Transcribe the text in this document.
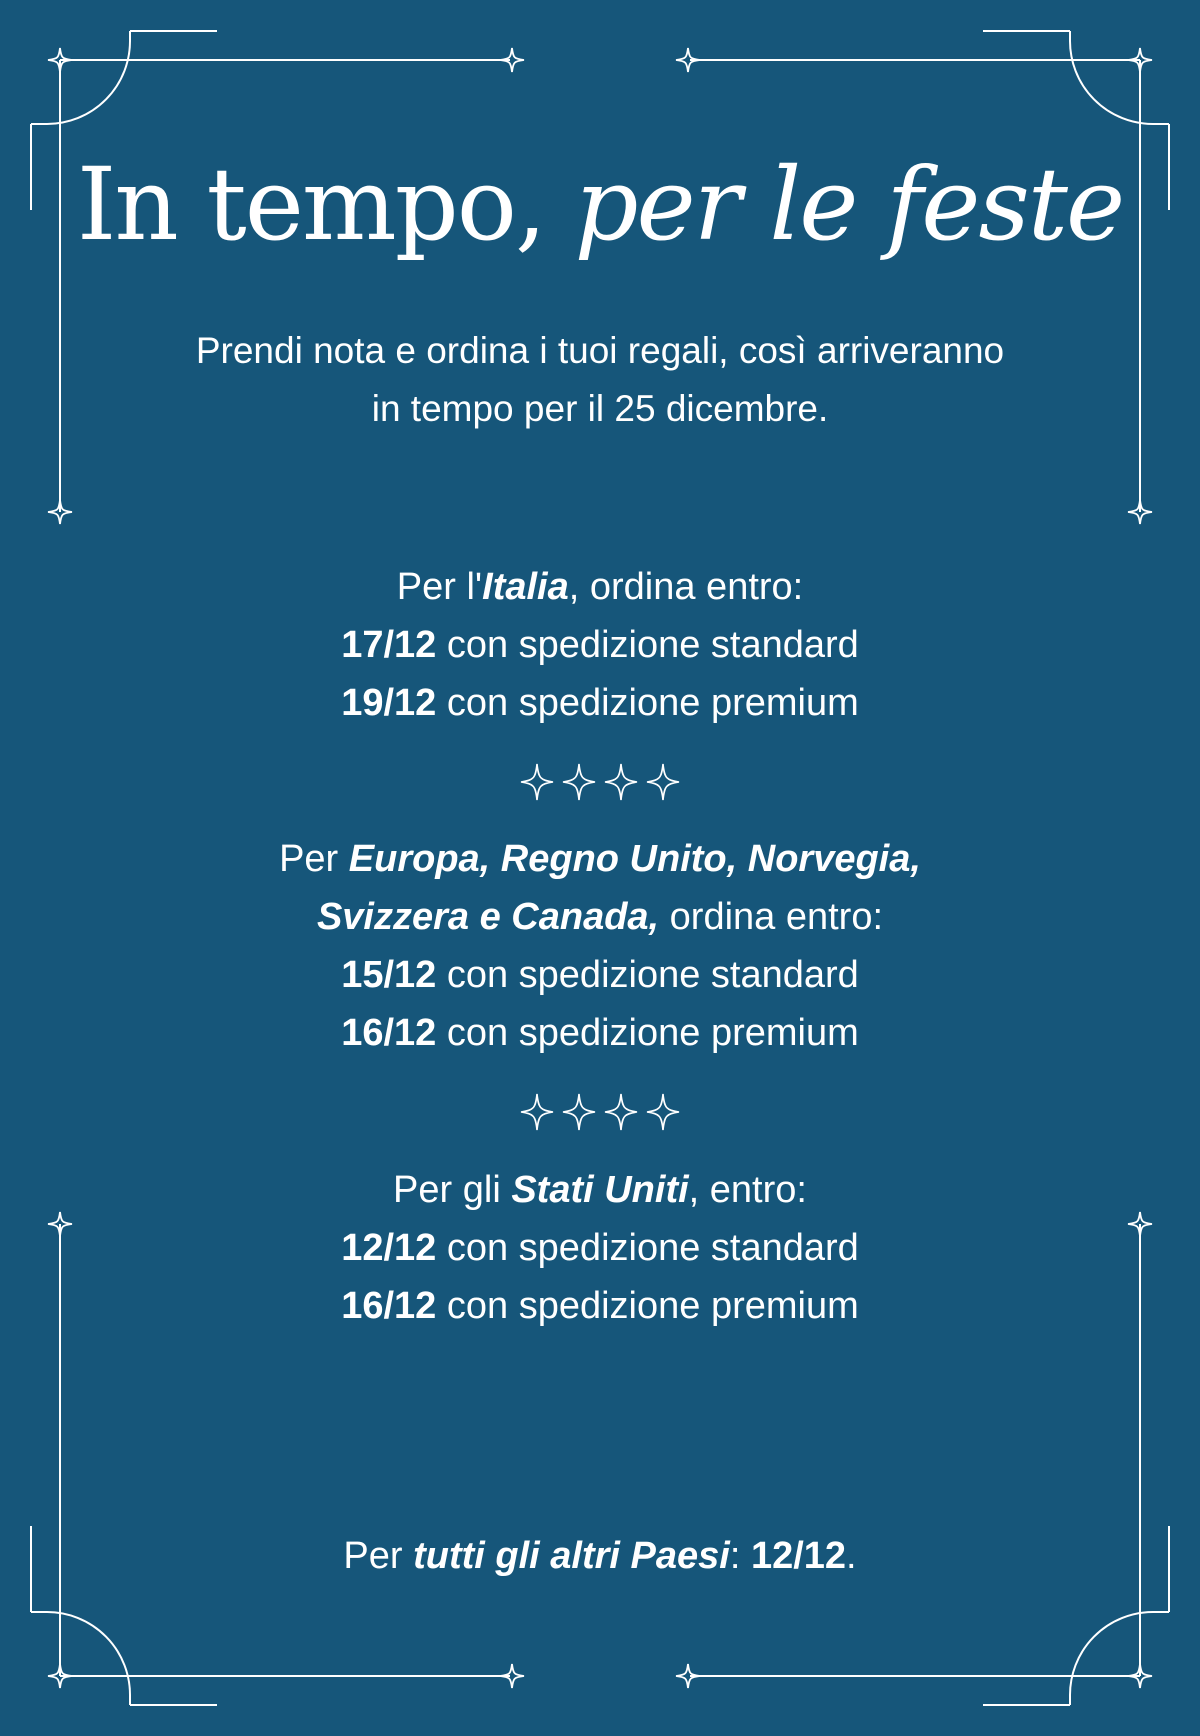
In tempo, per le feste

Prendi nota e ordina i tuoi regali, così arriveranno
in tempo per il 25 dicembre.

Per l'Italia, ordina entro:
17/12 con spedizione standard
19/12 con spedizione premium
Per Europa, Regno Unito, Norvegia,
Svizzera e Canada, ordina entro:
15/12 con spedizione standard
16/12 con spedizione premium
Per gli Stati Uniti, entro:
12/12 con spedizione standard
16/12 con spedizione premium
Per tutti gli altri Paesi: 12/12.
